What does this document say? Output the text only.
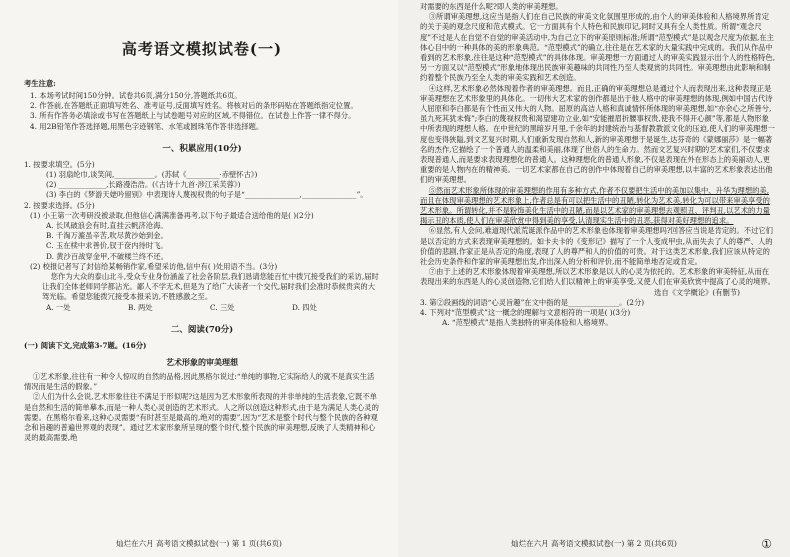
高考语文模拟试卷(一)
考生注意:

1. 本场考试时间150分钟。试卷共6页,满分150分,答题纸共6页。

2. 作答前,在答题纸正面填写姓名、准考证号,反面填写姓名。将核对后的条形码贴在答题纸指定位置。

3. 所有作答务必填涂或书写在答题纸上与试卷题号对应的区域,不得错位。在试卷上作答一律不得分。

4. 用2B铅笔作答选择题,用黑色字迹钢笔、水笔或圆珠笔作答非选择题。

一、积累应用(10分)

1. 按要求填空。(5分)

(1) 羽扇纶巾,谈笑间,___________。(苏轼《_________·赤壁怀古》)

(2) _____________,长路漫浩浩。(《古诗十九首·涉江采芙蓉》)

(3) 李白的《梦游天姥吟留别》中表现诗人蔑视权贵的句子是“_______________,_______________”。

2. 按要求选择。(5分)

(1) 小王第一次考研没被录取,但他信心满满准备再考,以下句子最适合送给他的是( )(2分)

A. 长风破浪会有时,直挂云帆济沧海。

B. 千淘万漉虽辛苦,吹尽黄沙始到金。

C. 玉在椟中求善价,钗于奁内待时飞。

D. 黄沙百战穿金甲,不破楼兰终不还。

(2) 校报记者写了封信给某畅销作家,希望采访他,信中有( )处用语不当。(3分)

您作为大众的泰山北斗,受众专业身份涵盖了社会各阶层,我们恳请您能百忙中拨冗接受我们的采访,届时让我们全体老师同学都沾光。鄙人不学无术,但是为了给广大读者一个交代,届时我们会准时恭候贵宾的大驾光临。希望您能拨冗接受本报采访,不胜感激之至。

A. 一处	B. 两处	C. 三处	D. 四处
二、阅读(70分)

(一) 阅读下文,完成第3-7题。(16分)

艺术形象的审美理想

①艺术形象,往往有一种令人惊叹的自然的品格,因此黑格尔说过:“单纯的事物,它实际给人的就不是真实生活情况而是生活的假象。”

②人们为什么会说,艺术形象往往不满足于形似呢?这是因为艺术形象所表现的并非单纯的生活表象,它既不单是自然和生活的简单摹本,而是一种人类心灵创造的艺术形式。人之所以创造这种形式,由于是为满足人类心灵的需要。在黑格尔看来,这种心灵需要“有时甚至是最高的,绝对的需要”,因为“艺术是整个时代与整个民族的各种观念和旨趣的普遍世界观的表现”。通过艺术家形象所呈现的整个时代,整个民族的审美理想,反映了人类精神和心灵的最高需要,绝

灿烂在六月 高考语文模拟试卷(一) 第 1 页(共6页)

对需要的东西是什么呢?即人类的审美理想。

③所谓审美理想,这应当是指人们在自己民族的审美文化氛围里形成的,由个人的审美体验和人格境界所肯定的关于美的观念尺度和范式模式。它一方面具有个人特色和民族印记,同时又具有全人类性质。所谓“观念尺度”不过是人在自觉不自觉的审美活动中,为自己立下的审美原则标准;所谓“范型模式”是以观念尺度为依据,在主体心目中的一种具体的美的形象典范。“范型模式”的确立,往往是在艺术家的大量实践中完成的。我们从作品中看到的艺术形象,往往是这种“范型模式”的具体体现。审美理想一方面通过人的审美实践显示出个人的性格特色,另一方面又以“范型模式”形象地体现出民族审美趣味的共同性乃至人类观赏的共同性。审美理想由此影响和制约着整个民族乃至全人类的审美实践和艺术创造。

④这样,艺术形象必然体现着作者的审美理想。而且,正确的审美理想总是通过个人而表现出来,这种表现正是审美理想在艺术形象里的具体化。一切伟大艺术家的创作都是出于他人格中的审美理想的体现,例如中国古代诗人屈原和李白都是有个性而又伟大的人物。屈原的高洁人格和真诚情怀所体现的审美理想,如“亦余心之所善兮,虽九死其犹未悔”;李白的蔑视权贵和渴望建功立业,如“安能摧眉折腰事权贵,使我不得开心颜”等,都是人物形象中所表现的理想人格。在中世纪的黑暗岁月里,千余年的封建统治与基督教教派文化的压迫,使人们的审美理想一度也变得狭隘,到文艺复兴时期,人们重新发现自然和人,新的审美理想于是诞生,达芬奇的《蒙娜丽莎》是一幅著名的杰作,它描绘了一个普通人的温柔和美丽,体现了世俗人的生命力。然而文艺复兴时期的艺术家们,不仅要求表现普通人,而是要求表现理想化的普通人。这种理想化的普通人形象,不仅是表现在外在形态上的美丽动人,更重要的是人物内在的精神美。一切艺术家都在自己的创作中体现着自己的审美理想,以丰富的艺术形象表达出他们的审美理想。

⑤然而艺术形象所体现的审美理想的作用有多种方式,作者不仅要把生活中的美加以集中、升华为理想的美,而且在体现审美理想的艺术形象上,作者总是有可以把生活中的丑陋,转化为艺术美,转化为可以带来审美享受的艺术形象。所谓转化,并不是粉饰美化生活中的丑陋,而是以艺术家的审美理想去观照丑、评判丑,以艺术的力量揭示丑的本质,使人们在审美欣赏中得到美的享受,认清现实生活中的丑恶,获得对美好理想的追求。

⑥显然,有人会问,难道现代派荒诞派作品中的艺术形象也体现着审美理想吗?回答应当说是肯定的。不过它们是以否定的方式来表现审美理想的。如卡夫卡的《变形记》描写了一个人变成甲虫,从而失去了人的尊严、人的价值的悲剧,作家正是从否定的角度,表现了人的尊严和人的价值的可贵。对于这类艺术形象,我们应该从特定的社会历史条件和作家的审美理想出发,作出深入的分析和评价,而不能简单地否定或肯定。

⑦由于上述的艺术形象体现着审美理想,所以艺术形象是以人的心灵为依托的。艺术形象的审美特征,从而在表现出来的东西是人的心灵创造物,它们给人们以精神上的审美享受,又使人们在审美欣赏中提高了心灵的境界。

选自《文学概论》(有删节)

3. 第②段画线的词语“心灵旨趣”在文中指的是______________。(2分)

4. 下列对“范型模式”这一概念的理解与文意相符的一项是( )(3分)

A. “范型模式”是指人类独特的审美体验和人格境界。

灿烂在六月 高考语文模拟试卷(一) 第 2 页(共6页)	①
